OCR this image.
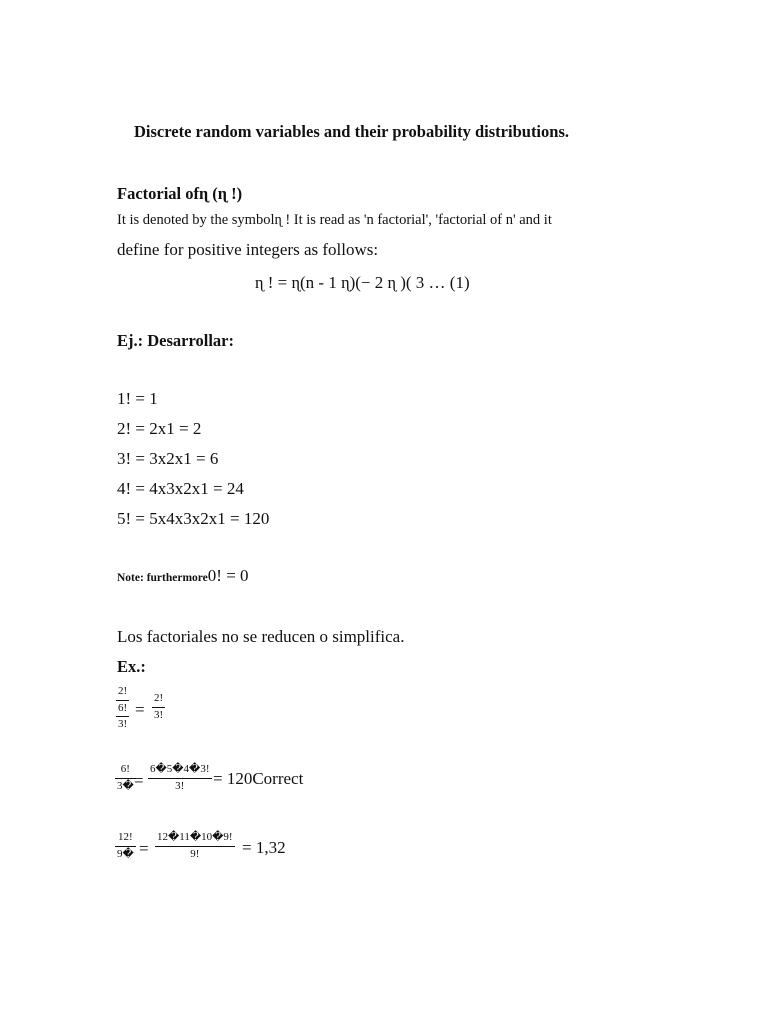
Discrete random variables and their probability distributions.
Factorial ofɳ (ɳ !)
It is denoted by the symbolɳ ! It is read as 'n factorial', 'factorial of n' and it
define for positive integers as follows:
ɳ ! = ɳ(n - 1 ɳ)(− 2 ɳ )( 3 … (1)
Ej.: Desarrollar:
1! = 1
2! = 2x1 = 2
3! = 3x2x1 = 6
4! = 4x3x2x1 = 24
5! = 5x4x3x2x1 = 120
Note: furthermore0! = 0
Los factoriales no se reducen o simplifica.
Ex.:
$\frac{2!}{6!}$
3!
=
2!
3!
6!
3� =
6�5�4�3!
3! = 120Correct
12!
9� =
12�11�10�9!
9!	= 1,32
